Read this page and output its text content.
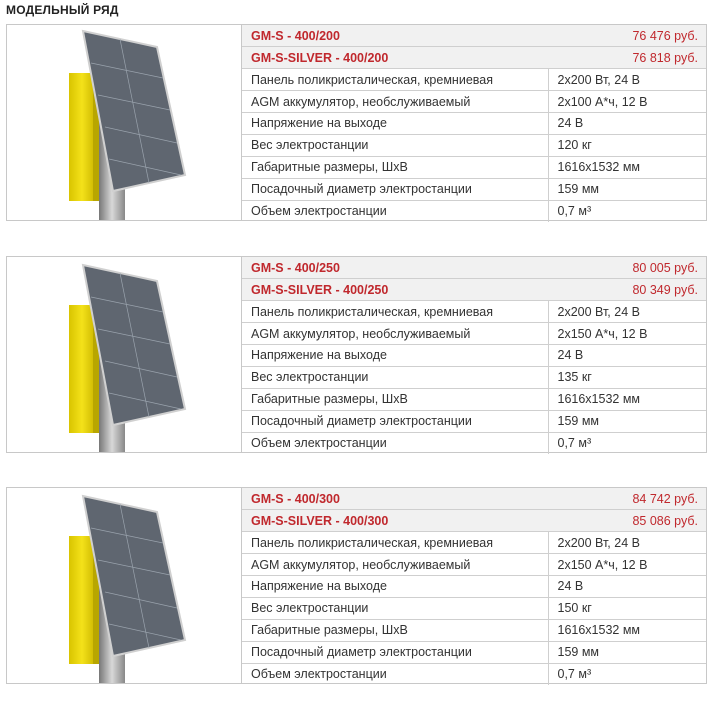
МОДЕЛЬНЫЙ РЯД
GM-S - 400/200	76 476 руб.
GM-S-SILVER - 400/200	76 818 руб.
Панель поликристалическая, кремниевая	2x200 Вт, 24 В
AGM аккумулятор, необслуживаемый	2x100 А*ч, 12 В
Напряжение на выходе	24 В
Вес электростанции	120 кг
Габаритные размеры, ШхВ	1616x1532 мм
Посадочный диаметр электростанции	159 мм
Объем электростанции	0,7 м³
GM-S - 400/250	80 005 руб.
GM-S-SILVER - 400/250	80 349 руб.
Панель поликристалическая, кремниевая	2x200 Вт, 24 В
AGM аккумулятор, необслуживаемый	2x150 А*ч, 12 В
Напряжение на выходе	24 В
Вес электростанции	135 кг
Габаритные размеры, ШхВ	1616x1532 мм
Посадочный диаметр электростанции	159 мм
Объем электростанции	0,7 м³
GM-S - 400/300	84 742 руб.
GM-S-SILVER - 400/300	85 086 руб.
Панель поликристалическая, кремниевая	2x200 Вт, 24 В
AGM аккумулятор, необслуживаемый	2x150 А*ч, 12 В
Напряжение на выходе	24 В
Вес электростанции	150 кг
Габаритные размеры, ШхВ	1616x1532 мм
Посадочный диаметр электростанции	159 мм
Объем электростанции	0,7 м³
